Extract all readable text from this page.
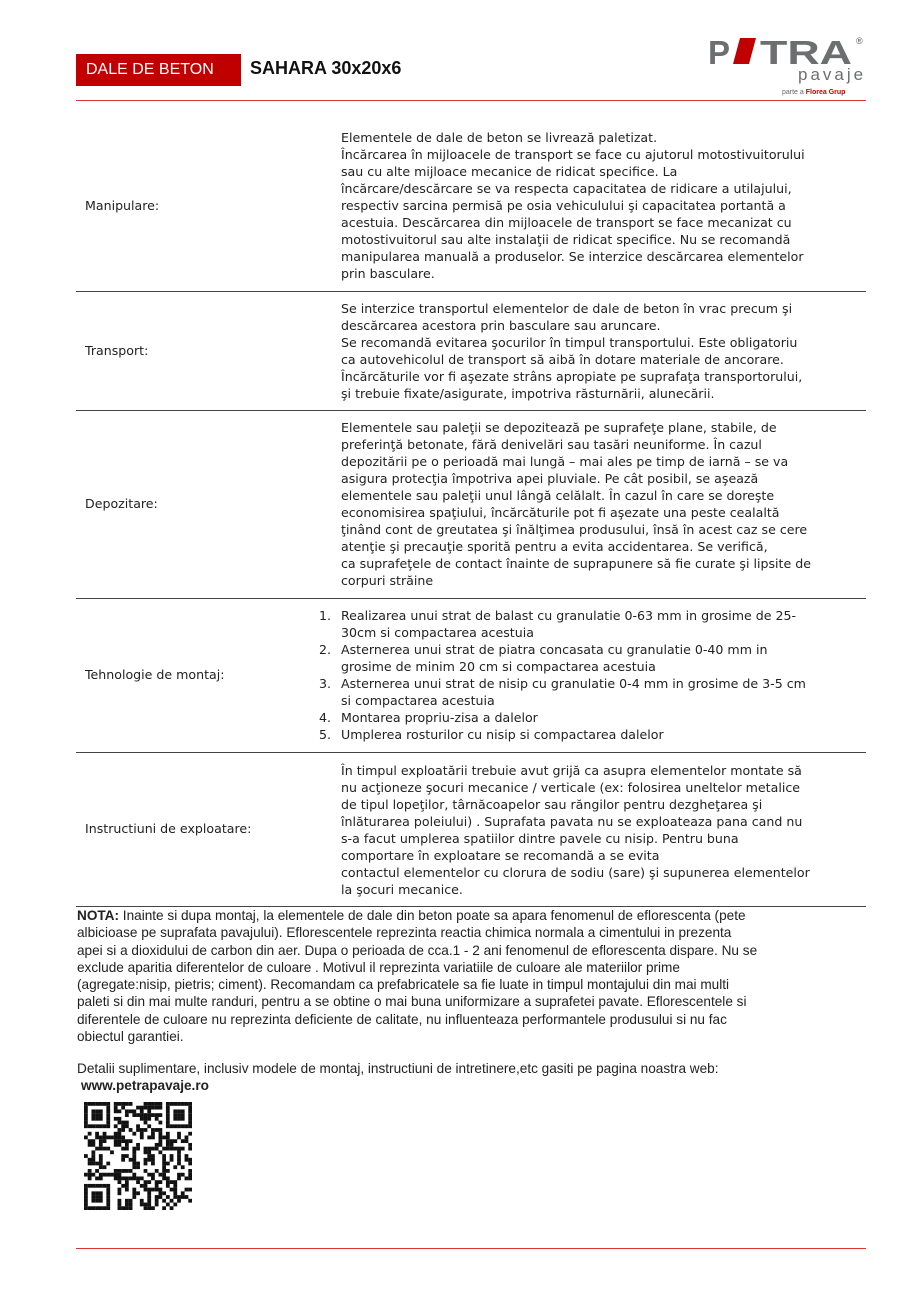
DALE DE BETON	SAHARA 30x20x6	P TRA ®
pavaje
parte a Florea Grup
Manipulare:
Elementele de dale de beton se livrează paletizat.
Încărcarea în mijloacele de transport se face cu ajutorul motostivuitorului
sau cu alte mijloace mecanice de ridicat specifice. La
încărcare/descărcare se va respecta capacitatea de ridicare a utilajului,
respectiv sarcina permisă pe osia vehiculului şi capacitatea portantă a
acestuia. Descărcarea din mijloacele de transport se face mecanizat cu
motostivuitorul sau alte instalaţii de ridicat specifice. Nu se recomandă
manipularea manuală a produselor. Se interzice descărcarea elementelor
prin basculare.
Transport:
Se interzice transportul elementelor de dale de beton în vrac precum şi
descărcarea acestora prin basculare sau aruncare.
Se recomandă evitarea şocurilor în timpul transportului. Este obligatoriu
ca autovehicolul de transport să aibă în dotare materiale de ancorare.
Încărcăturile vor fi aşezate strâns apropiate pe suprafaţa transportorului,
şi trebuie fixate/asigurate, impotriva răsturnării, alunecării.
Depozitare:
Elementele sau paleţii se depozitează pe suprafeţe plane, stabile, de
preferinţă betonate, fără denivelări sau tasări neuniforme. În cazul
depozitării pe o perioadă mai lungă – mai ales pe timp de iarnă – se va
asigura protecţia împotriva apei pluviale. Pe cât posibil, se aşează
elementele sau paleţii unul lângă celălalt. În cazul în care se doreşte
economisirea spaţiului, încărcăturile pot fi aşezate una peste cealaltă
ţinând cont de greutatea şi înălţimea produsului, însă în acest caz se cere
atenţie şi precauţie sporită pentru a evita accidentarea. Se verifică,
ca suprafeţele de contact înainte de suprapunere să fie curate şi lipsite de
corpuri străine
Tehnologie de montaj:
1. Realizarea unui strat de balast cu granulatie 0-63 mm in grosime de 25-
30cm si compactarea acestuia
2. Asternerea unui strat de piatra concasata cu granulatie 0-40 mm in
grosime de minim 20 cm si compactarea acestuia
3. Asternerea unui strat de nisip cu granulatie 0-4 mm in grosime de 3-5 cm
si compactarea acestuia
4. Montarea propriu-zisa a dalelor
5. Umplerea rosturilor cu nisip si compactarea dalelor
Instructiuni de exploatare:
În timpul exploatării trebuie avut grijă ca asupra elementelor montate să
nu acţioneze şocuri mecanice / verticale (ex: folosirea uneltelor metalice
de tipul lopeţilor, târnăcoapelor sau răngilor pentru dezgheţarea şi
înlăturarea poleiului) . Suprafata pavata nu se exploateaza pana cand nu
s-a facut umplerea spatiilor dintre pavele cu nisip. Pentru buna
comportare în exploatare se recomandă a se evita
contactul elementelor cu clorura de sodiu (sare) şi supunerea elementelor
la şocuri mecanice.
NOTA: Inainte si dupa montaj, la elementele de dale din beton poate sa apara fenomenul de eflorescenta (pete
albicioase pe suprafata pavajului). Eflorescentele reprezinta reactia chimica normala a cimentului in prezenta
apei si a dioxidului de carbon din aer. Dupa o perioada de cca.1 - 2 ani fenomenul de eflorescenta dispare. Nu se
exclude aparitia diferentelor de culoare . Motivul il reprezinta variatiile de culoare ale materiilor prime
(agregate:nisip, pietris; ciment). Recomandam ca prefabricatele sa fie luate in timpul montajului din mai multi
paleti si din mai multe randuri, pentru a se obtine o mai buna uniformizare a suprafetei pavate. Eflorescentele si
diferentele de culoare nu reprezinta deficiente de calitate, nu influenteaza performantele produsului si nu fac
obiectul garantiei.
Detalii suplimentare, inclusiv modele de montaj, instructiuni de intretinere,etc gasiti pe pagina noastra web:
www.petrapavaje.ro
